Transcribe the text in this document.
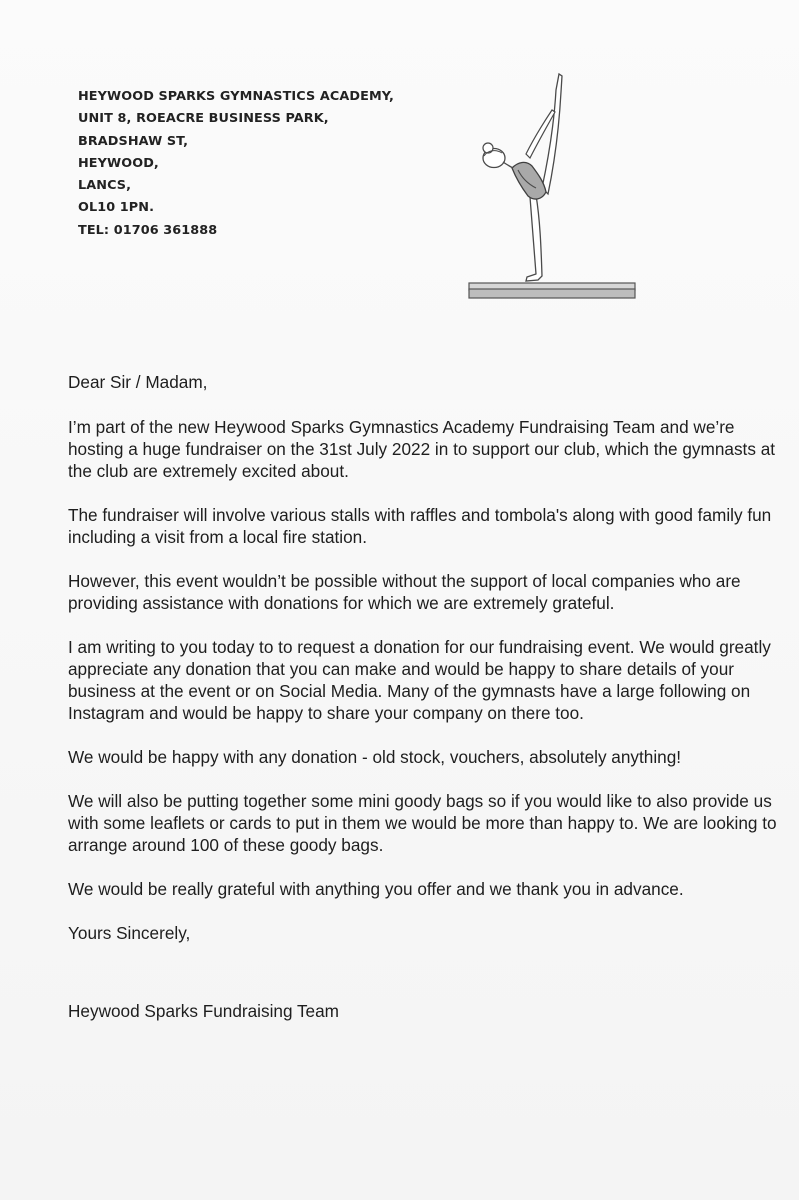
HEYWOOD SPARKS GYMNASTICS ACADEMY,
UNIT 8, ROEACRE BUSINESS PARK,
BRADSHAW ST,
HEYWOOD,
LANCS,
OL10 1PN.
TEL: 01706 361888

Dear Sir / Madam,

I’m part of the new Heywood Sparks Gymnastics Academy Fundraising Team and we’re hosting a huge fundraiser on the 31st July 2022 in to support our club, which the gymnasts at the club are extremely excited about.

The fundraiser will involve various stalls with raffles and tombola's along with good family fun including a visit from a local fire station.

However, this event wouldn’t be possible without the support of local companies who are providing assistance with donations for which we are extremely grateful.

I am writing to you today to to request a donation for our fundraising event. We would greatly appreciate any donation that you can make and would be happy to share details of your business at the event or on Social Media. Many of the gymnasts have a large following on Instagram and would be happy to share your company on there too.

We would be happy with any donation - old stock, vouchers, absolutely anything!

We will also be putting together some mini goody bags so if you would like to also provide us with some leaflets or cards to put in them we would be more than happy to. We are looking to arrange around 100 of these goody bags.

We would be really grateful with anything you offer and we thank you in advance.

Yours Sincerely,

Heywood Sparks Fundraising Team
